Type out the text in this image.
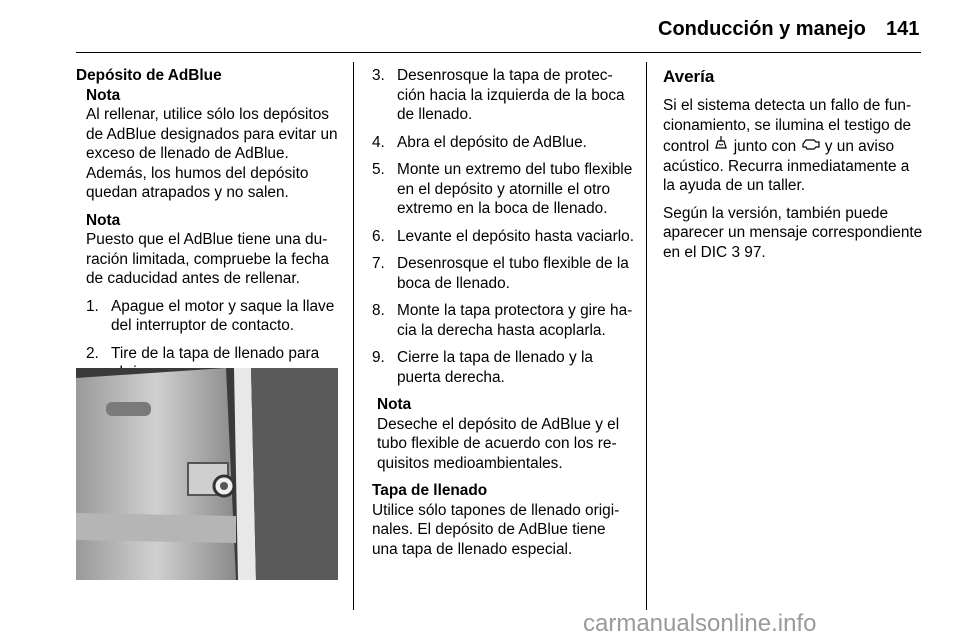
Conducción y manejo 141

Depósito de AdBlue

Nota
Al rellenar, utilice sólo los depósitos de AdBlue designados para evitar un exceso de llenado de AdBlue. Además, los humos del depósito quedan atrapados y no salen.
Nota
Puesto que el AdBlue tiene una duración limitada, compruebe la fecha de caducidad antes de rellenar.
1. Apague el motor y saque la llave del interruptor de contacto.
2. Tire de la tapa de llenado para
3. Desenrosque la tapa de protección hacia la izquierda de la boca de llenado.
4. Abra el depósito de AdBlue.
5. Monte un extremo del tubo flexible en el depósito y atornille el otro extremo en la boca de llenado.
6. Levante el depósito hasta vaciarlo.
7. Desenrosque el tubo flexible de la boca de llenado.
8. Monte la tapa protectora y gire hacia la derecha hasta acoplarla.
9. Cierre la tapa de llenado y la puerta derecha.
Nota
Deseche el depósito de AdBlue y el tubo flexible de acuerdo con los requisitos medioambientales.

Tapa de llenado

Utilice sólo tapones de llenado originales. El depósito de AdBlue tiene una tapa de llenado especial.

Avería

Si el sistema detecta un fallo de funcionamiento, se ilumina el testigo de control junto con y un aviso acústico. Recurra inmediatamente a la ayuda de un taller.

Según la versión, también puede aparecer un mensaje correspondiente en el DIC 3 97.

carmanualsonline.info
